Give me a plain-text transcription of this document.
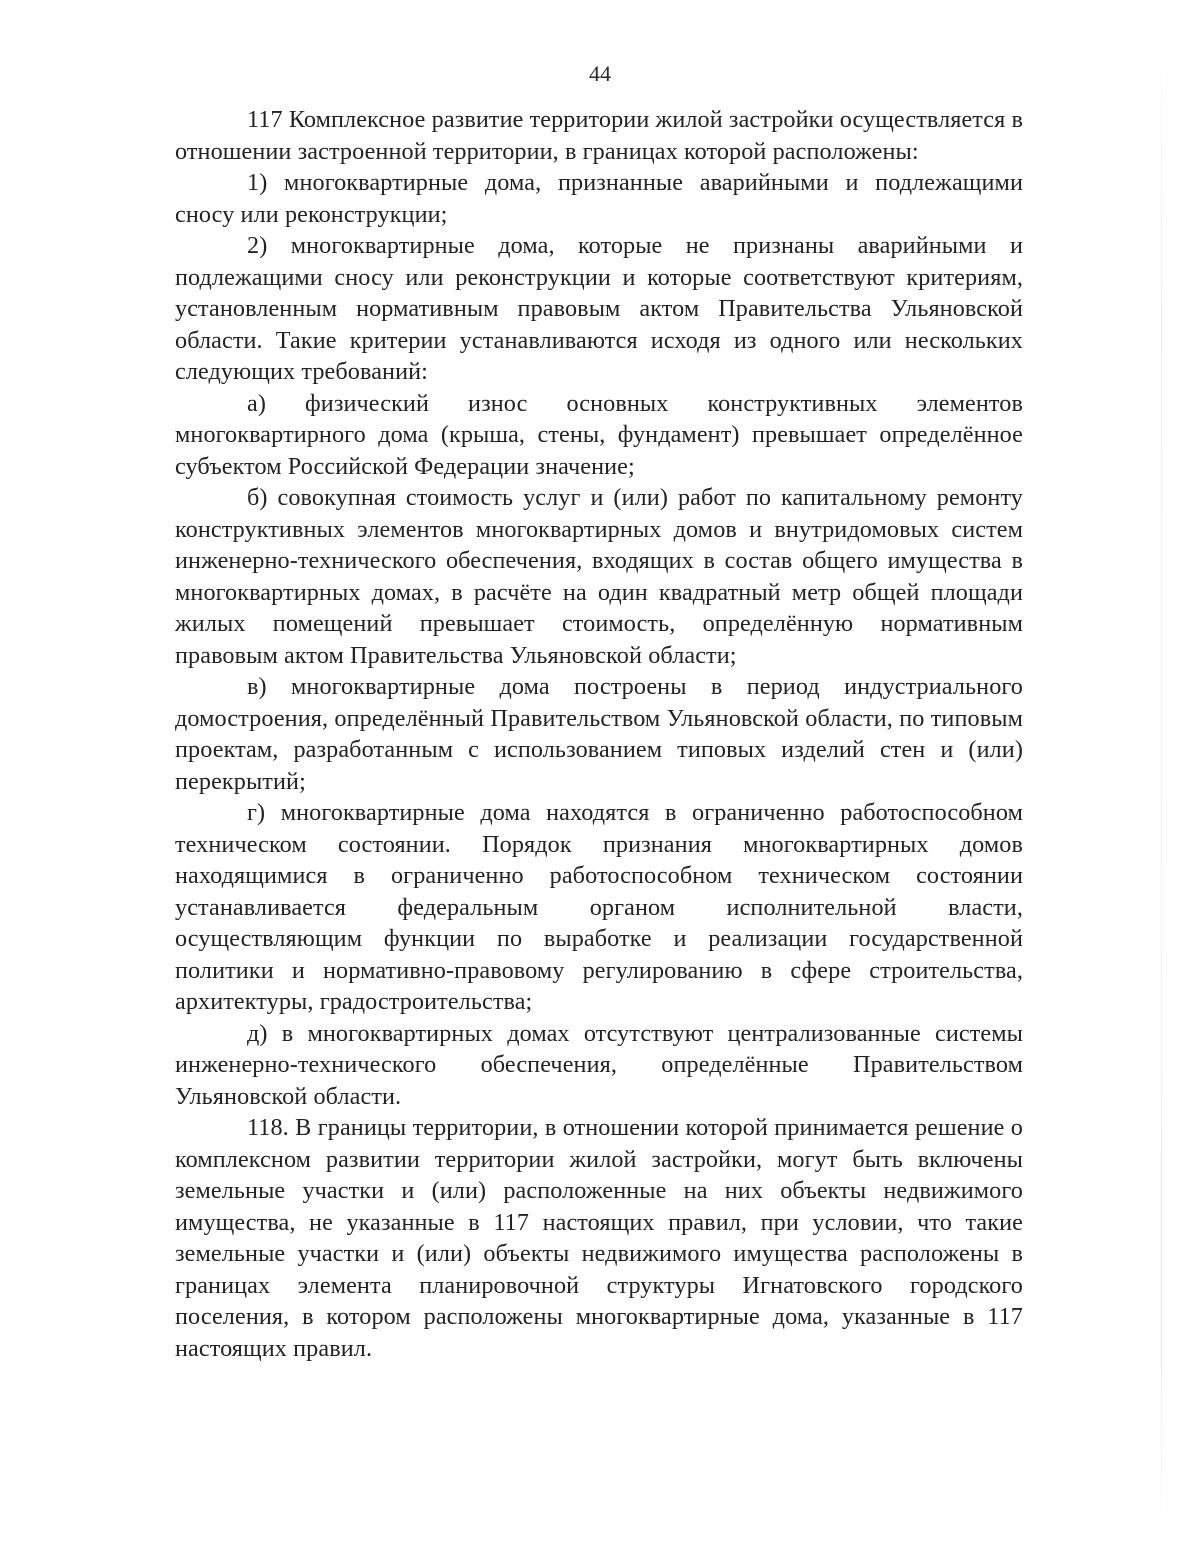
44

117 Комплексное развитие территории жилой застройки осуществляется в отношении застроенной территории, в границах которой расположены:

1) многоквартирные дома, признанные аварийными и подлежащими сносу или реконструкции;

2) многоквартирные дома, которые не признаны аварийными и подлежащими сносу или реконструкции и которые соответствуют критериям, установленным нормативным правовым актом Правительства Ульяновской области. Такие критерии устанавливаются исходя из одного или нескольких следующих требований:

а) физический износ основных конструктивных элементов многоквартирного дома (крыша, стены, фундамент) превышает определённое субъектом Российской Федерации значение;

б) совокупная стоимость услуг и (или) работ по капитальному ремонту конструктивных элементов многоквартирных домов и внутридомовых систем инженерно-технического обеспечения, входящих в состав общего имущества в многоквартирных домах, в расчёте на один квадратный метр общей площади жилых помещений превышает стоимость, определённую нормативным правовым актом Правительства Ульяновской области;

в) многоквартирные дома построены в период индустриального домостроения, определённый Правительством Ульяновской области, по типовым проектам, разработанным с использованием типовых изделий стен и (или) перекрытий;

г) многоквартирные дома находятся в ограниченно работоспособном техническом состоянии. Порядок признания многоквартирных домов находящимися в ограниченно работоспособном техническом состоянии устанавливается федеральным органом исполнительной власти, осуществляющим функции по выработке и реализации государственной политики и нормативно-правовому регулированию в сфере строительства, архитектуры, градостроительства;

д) в многоквартирных домах отсутствуют централизованные системы инженерно-технического обеспечения, определённые Правительством Ульяновской области.

118. В границы территории, в отношении которой принимается решение о комплексном развитии территории жилой застройки, могут быть включены земельные участки и (или) расположенные на них объекты недвижимого имущества, не указанные в 117 настоящих правил, при условии, что такие земельные участки и (или) объекты недвижимого имущества расположены в границах элемента планировочной структуры Игнатовского городского поселения, в котором расположены многоквартирные дома, указанные в 117 настоящих правил.
